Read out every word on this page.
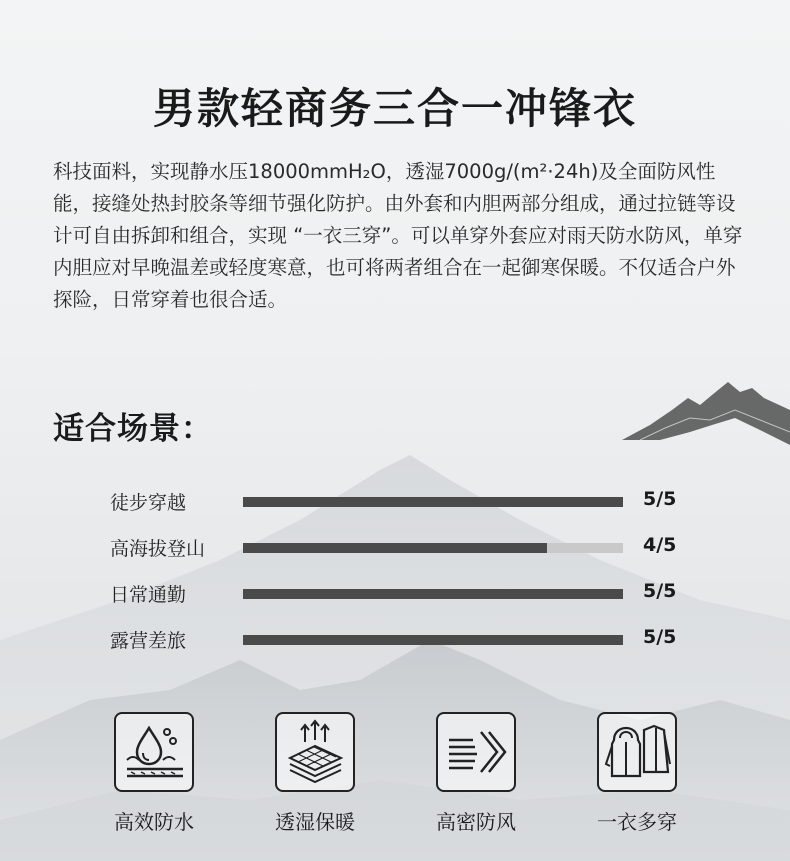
男款轻商务三合一冲锋衣
科技面料，实现静水压18000mmH₂O，透湿7000g/(m²·24h)及全面防风性能，接缝处热封胶条等细节强化防护。由外套和内胆两部分组成，通过拉链等设计可自由拆卸和组合，实现 “一衣三穿”。可以单穿外套应对雨天防水防风，单穿内胆应对早晚温差或轻度寒意，也可将两者组合在一起御寒保暖。不仅适合户外探险，日常穿着也很合适。
适合场景：
徒步穿越	5/5
高海拔登山	4/5
日常通勤	5/5
露营差旅	5/5
高效防水	透湿保暖	高密防风	一衣多穿
